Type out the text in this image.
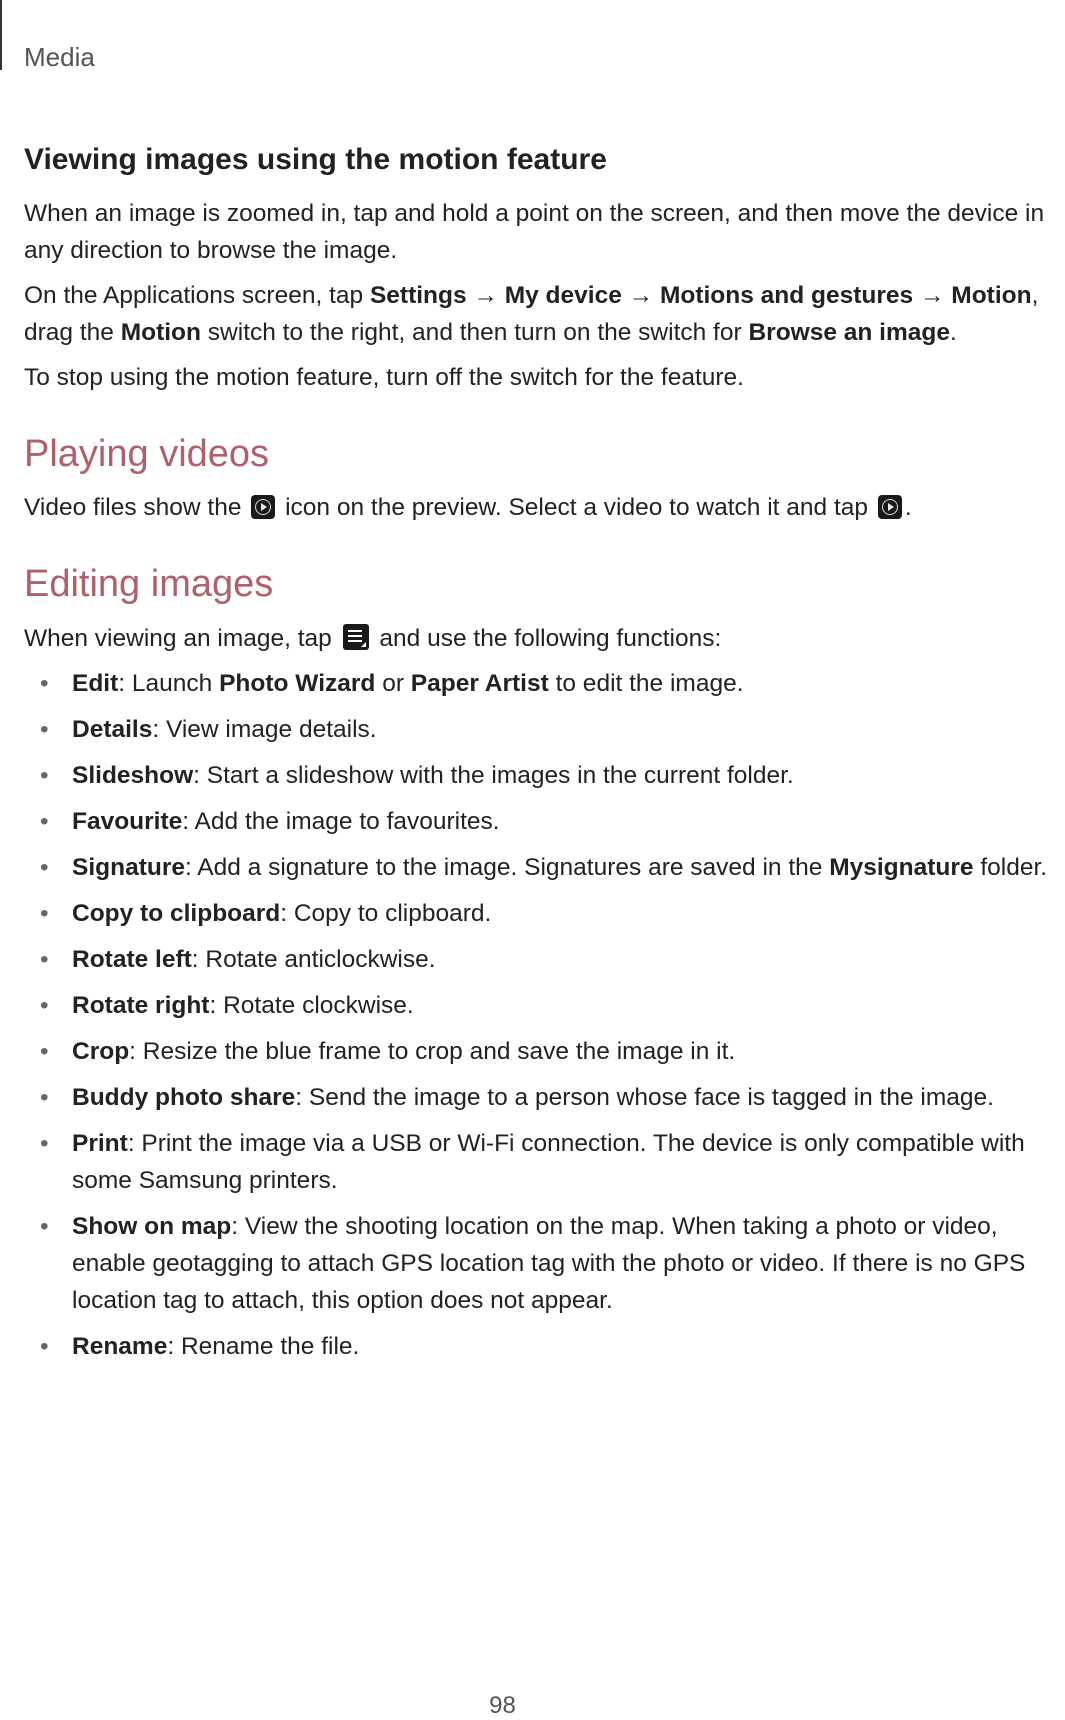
Media
Viewing images using the motion feature

When an image is zoomed in, tap and hold a point on the screen, and then move the device in any direction to browse the image.

On the Applications screen, tap Settings → My device → Motions and gestures → Motion, drag the Motion switch to the right, and then turn on the switch for Browse an image.

To stop using the motion feature, turn off the switch for the feature.

Playing videos

Video files show the  icon on the preview. Select a video to watch it and tap .

Editing images

When viewing an image, tap  and use the following functions:

• Edit: Launch Photo Wizard or Paper Artist to edit the image.
• Details: View image details.
• Slideshow: Start a slideshow with the images in the current folder.
• Favourite: Add the image to favourites.
• Signature: Add a signature to the image. Signatures are saved in the Mysignature folder.
• Copy to clipboard: Copy to clipboard.
• Rotate left: Rotate anticlockwise.
• Rotate right: Rotate clockwise.
• Crop: Resize the blue frame to crop and save the image in it.
• Buddy photo share: Send the image to a person whose face is tagged in the image.
• Print: Print the image via a USB or Wi-Fi connection. The device is only compatible with some Samsung printers.
• Show on map: View the shooting location on the map. When taking a photo or video, enable geotagging to attach GPS location tag with the photo or video. If there is no GPS location tag to attach, this option does not appear.
• Rename: Rename the file.
98
